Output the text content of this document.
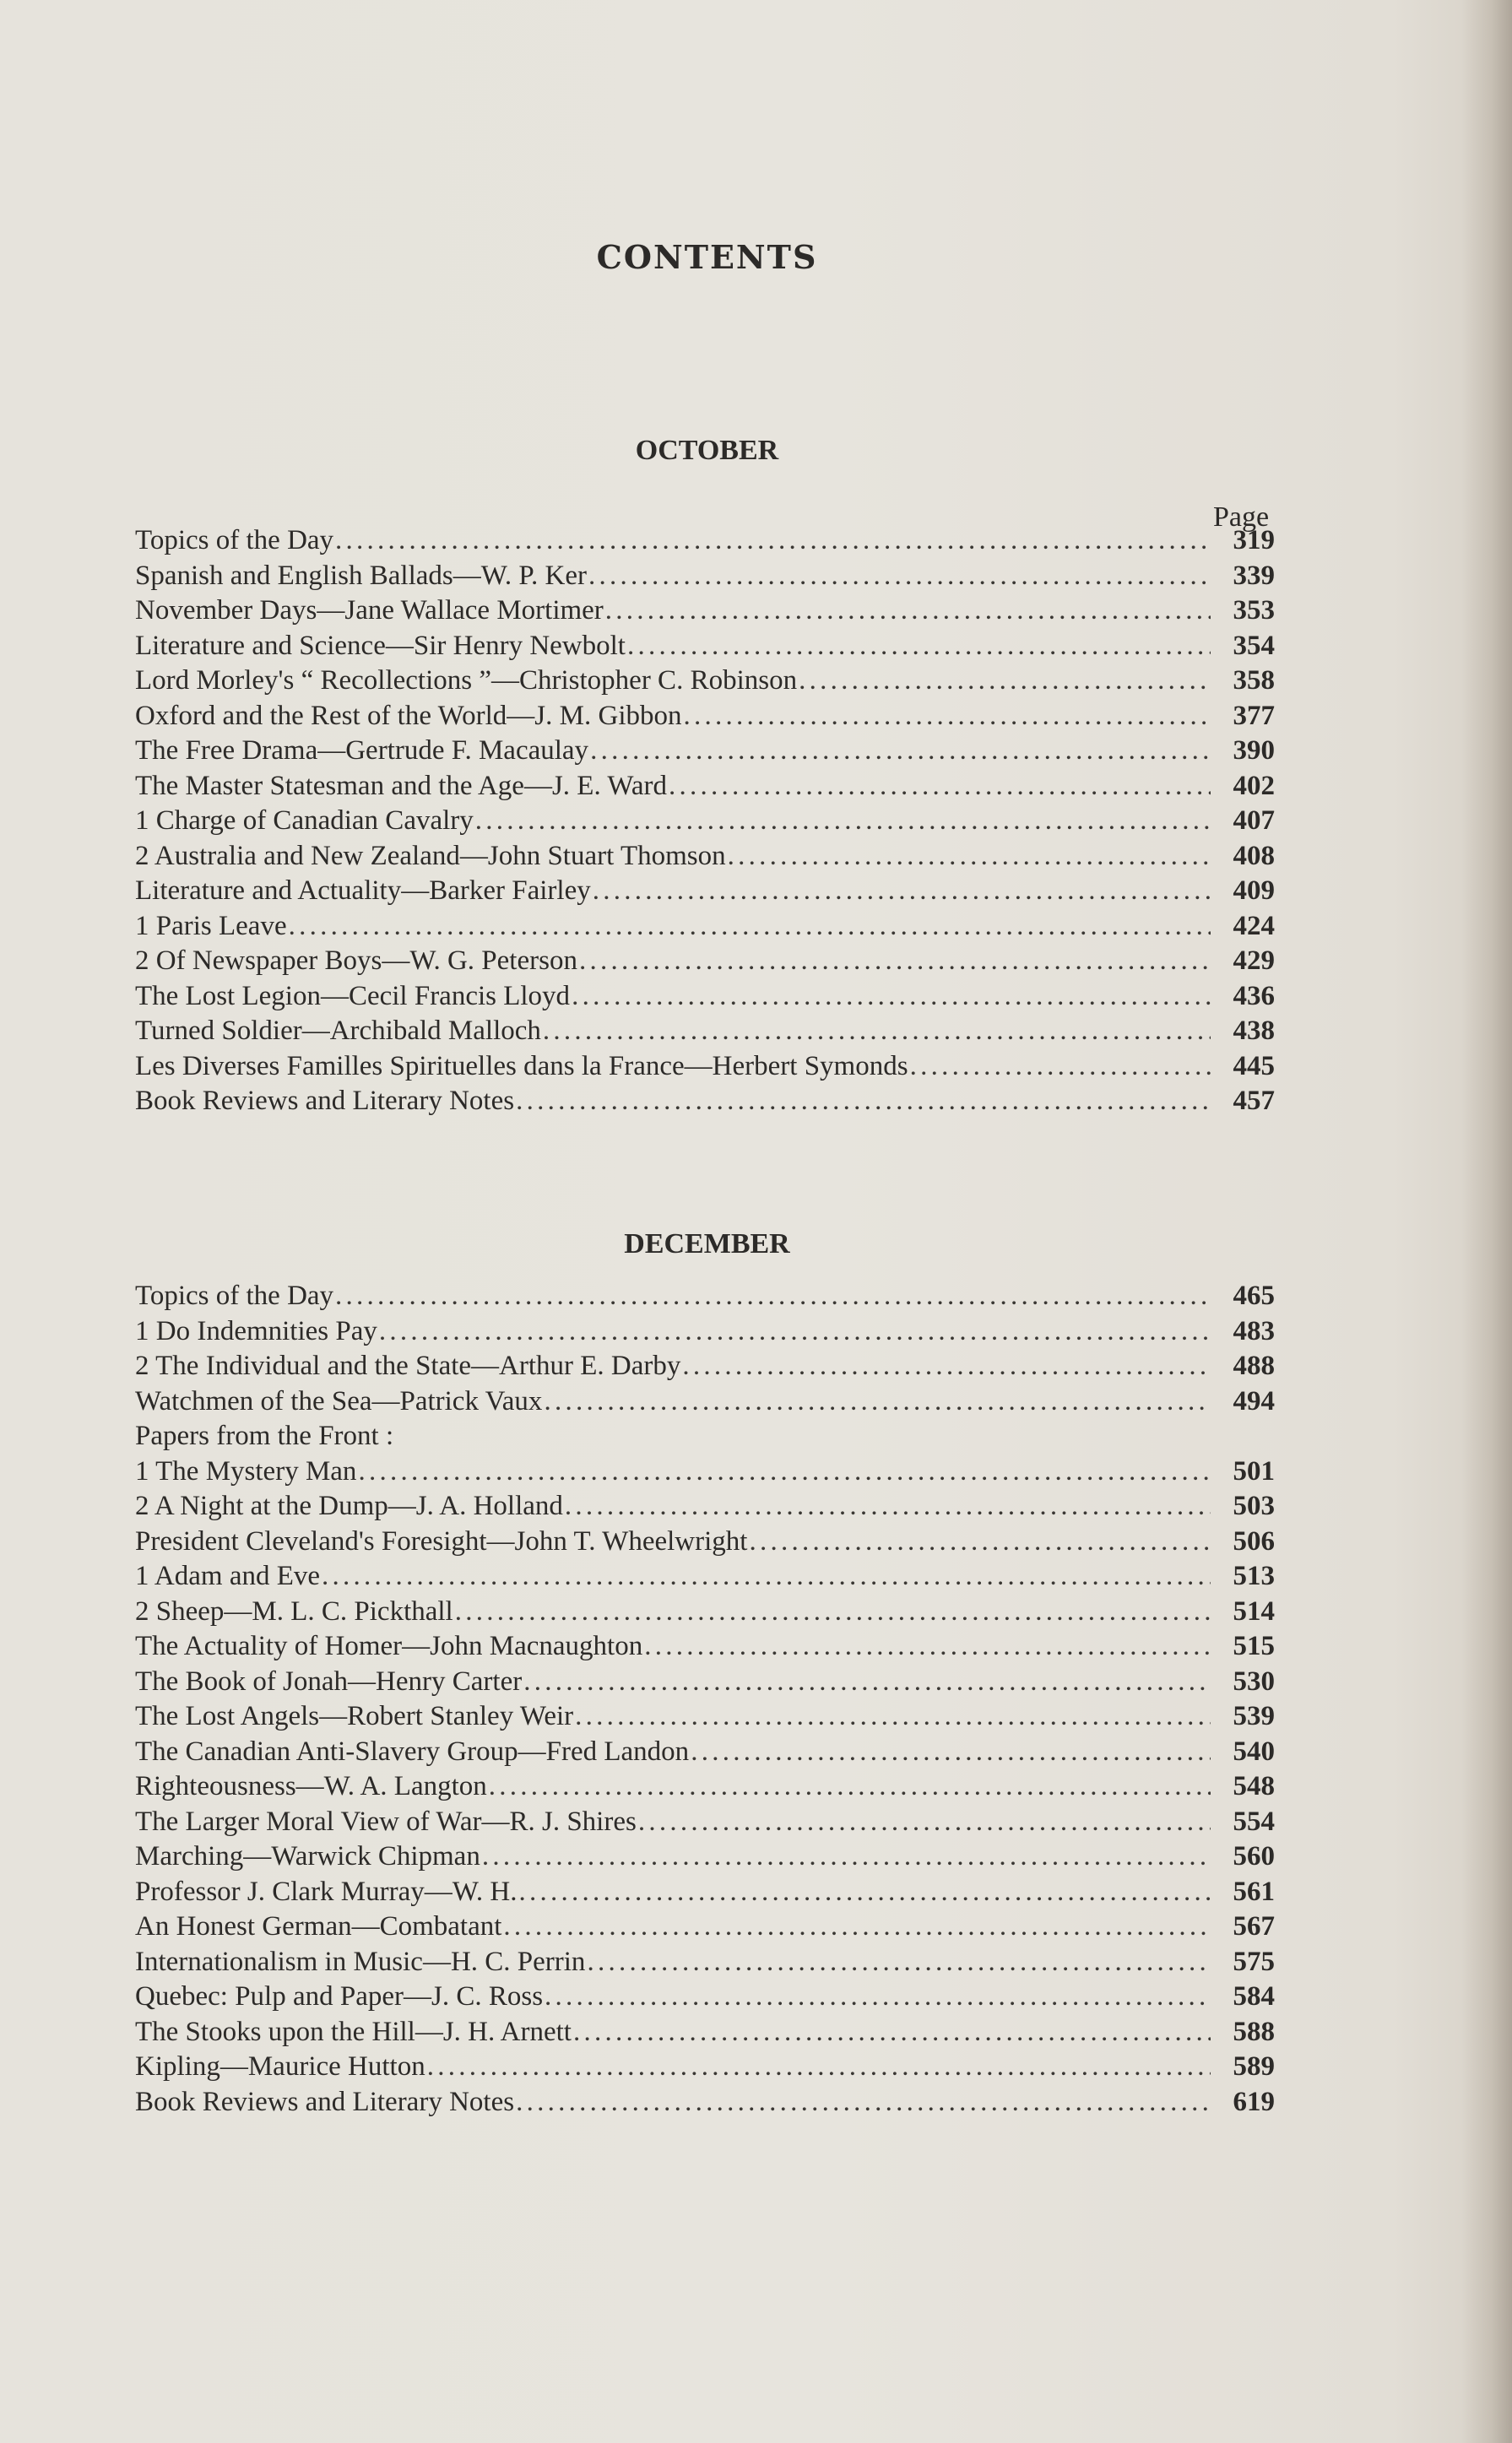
CONTENTS
OCTOBER
Page
Topics of the Day . . .	319
Spanish and English Ballads—W. P. Ker . . .	339
November Days—Jane Wallace Mortimer . . .	353
Literature and Science—Sir Henry Newbolt . . .	354
Lord Morley's “ Recollections ”—Christopher C. Robinson . . .	358
Oxford and the Rest of the World—J. M. Gibbon . . .	377
The Free Drama—Gertrude F. Macaulay . . .	390
The Master Statesman and the Age—J. E. Ward . . .	402
1 Charge of Canadian Cavalry . . .	407
2 Australia and New Zealand—John Stuart Thomson . . .	408
Literature and Actuality—Barker Fairley . . .	409
1 Paris Leave . . .	424
2 Of Newspaper Boys—W. G. Peterson . . .	429
The Lost Legion—Cecil Francis Lloyd . . .	436
Turned Soldier—Archibald Malloch . . .	438
Les Diverses Familles Spirituelles dans la France—Herbert Symonds . . .	445
Book Reviews and Literary Notes . . .	457
DECEMBER
Topics of the Day . . .	465
1 Do Indemnities Pay . . .	483
2 The Individual and the State—Arthur E. Darby . . .	488
Watchmen of the Sea—Patrick Vaux . . .	494
Papers from the Front :
1 The Mystery Man . . .	501
2 A Night at the Dump—J. A. Holland . . .	503
President Cleveland's Foresight—John T. Wheelwright . . .	506
1 Adam and Eve . . .	513
2 Sheep—M. L. C. Pickthall . . .	514
The Actuality of Homer—John Macnaughton . . .	515
The Book of Jonah—Henry Carter . . .	530
The Lost Angels—Robert Stanley Weir . . .	539
The Canadian Anti-Slavery Group—Fred Landon . . .	540
Righteousness—W. A. Langton . . .	548
The Larger Moral View of War—R. J. Shires . . .	554
Marching—Warwick Chipman . . .	560
Professor J. Clark Murray—W. H. . . .	561
An Honest German—Combatant . . .	567
Internationalism in Music—H. C. Perrin . . .	575
Quebec: Pulp and Paper—J. C. Ross . . .	584
The Stooks upon the Hill—J. H. Arnett . . .	588
Kipling—Maurice Hutton . . .	589
Book Reviews and Literary Notes . . .	619
